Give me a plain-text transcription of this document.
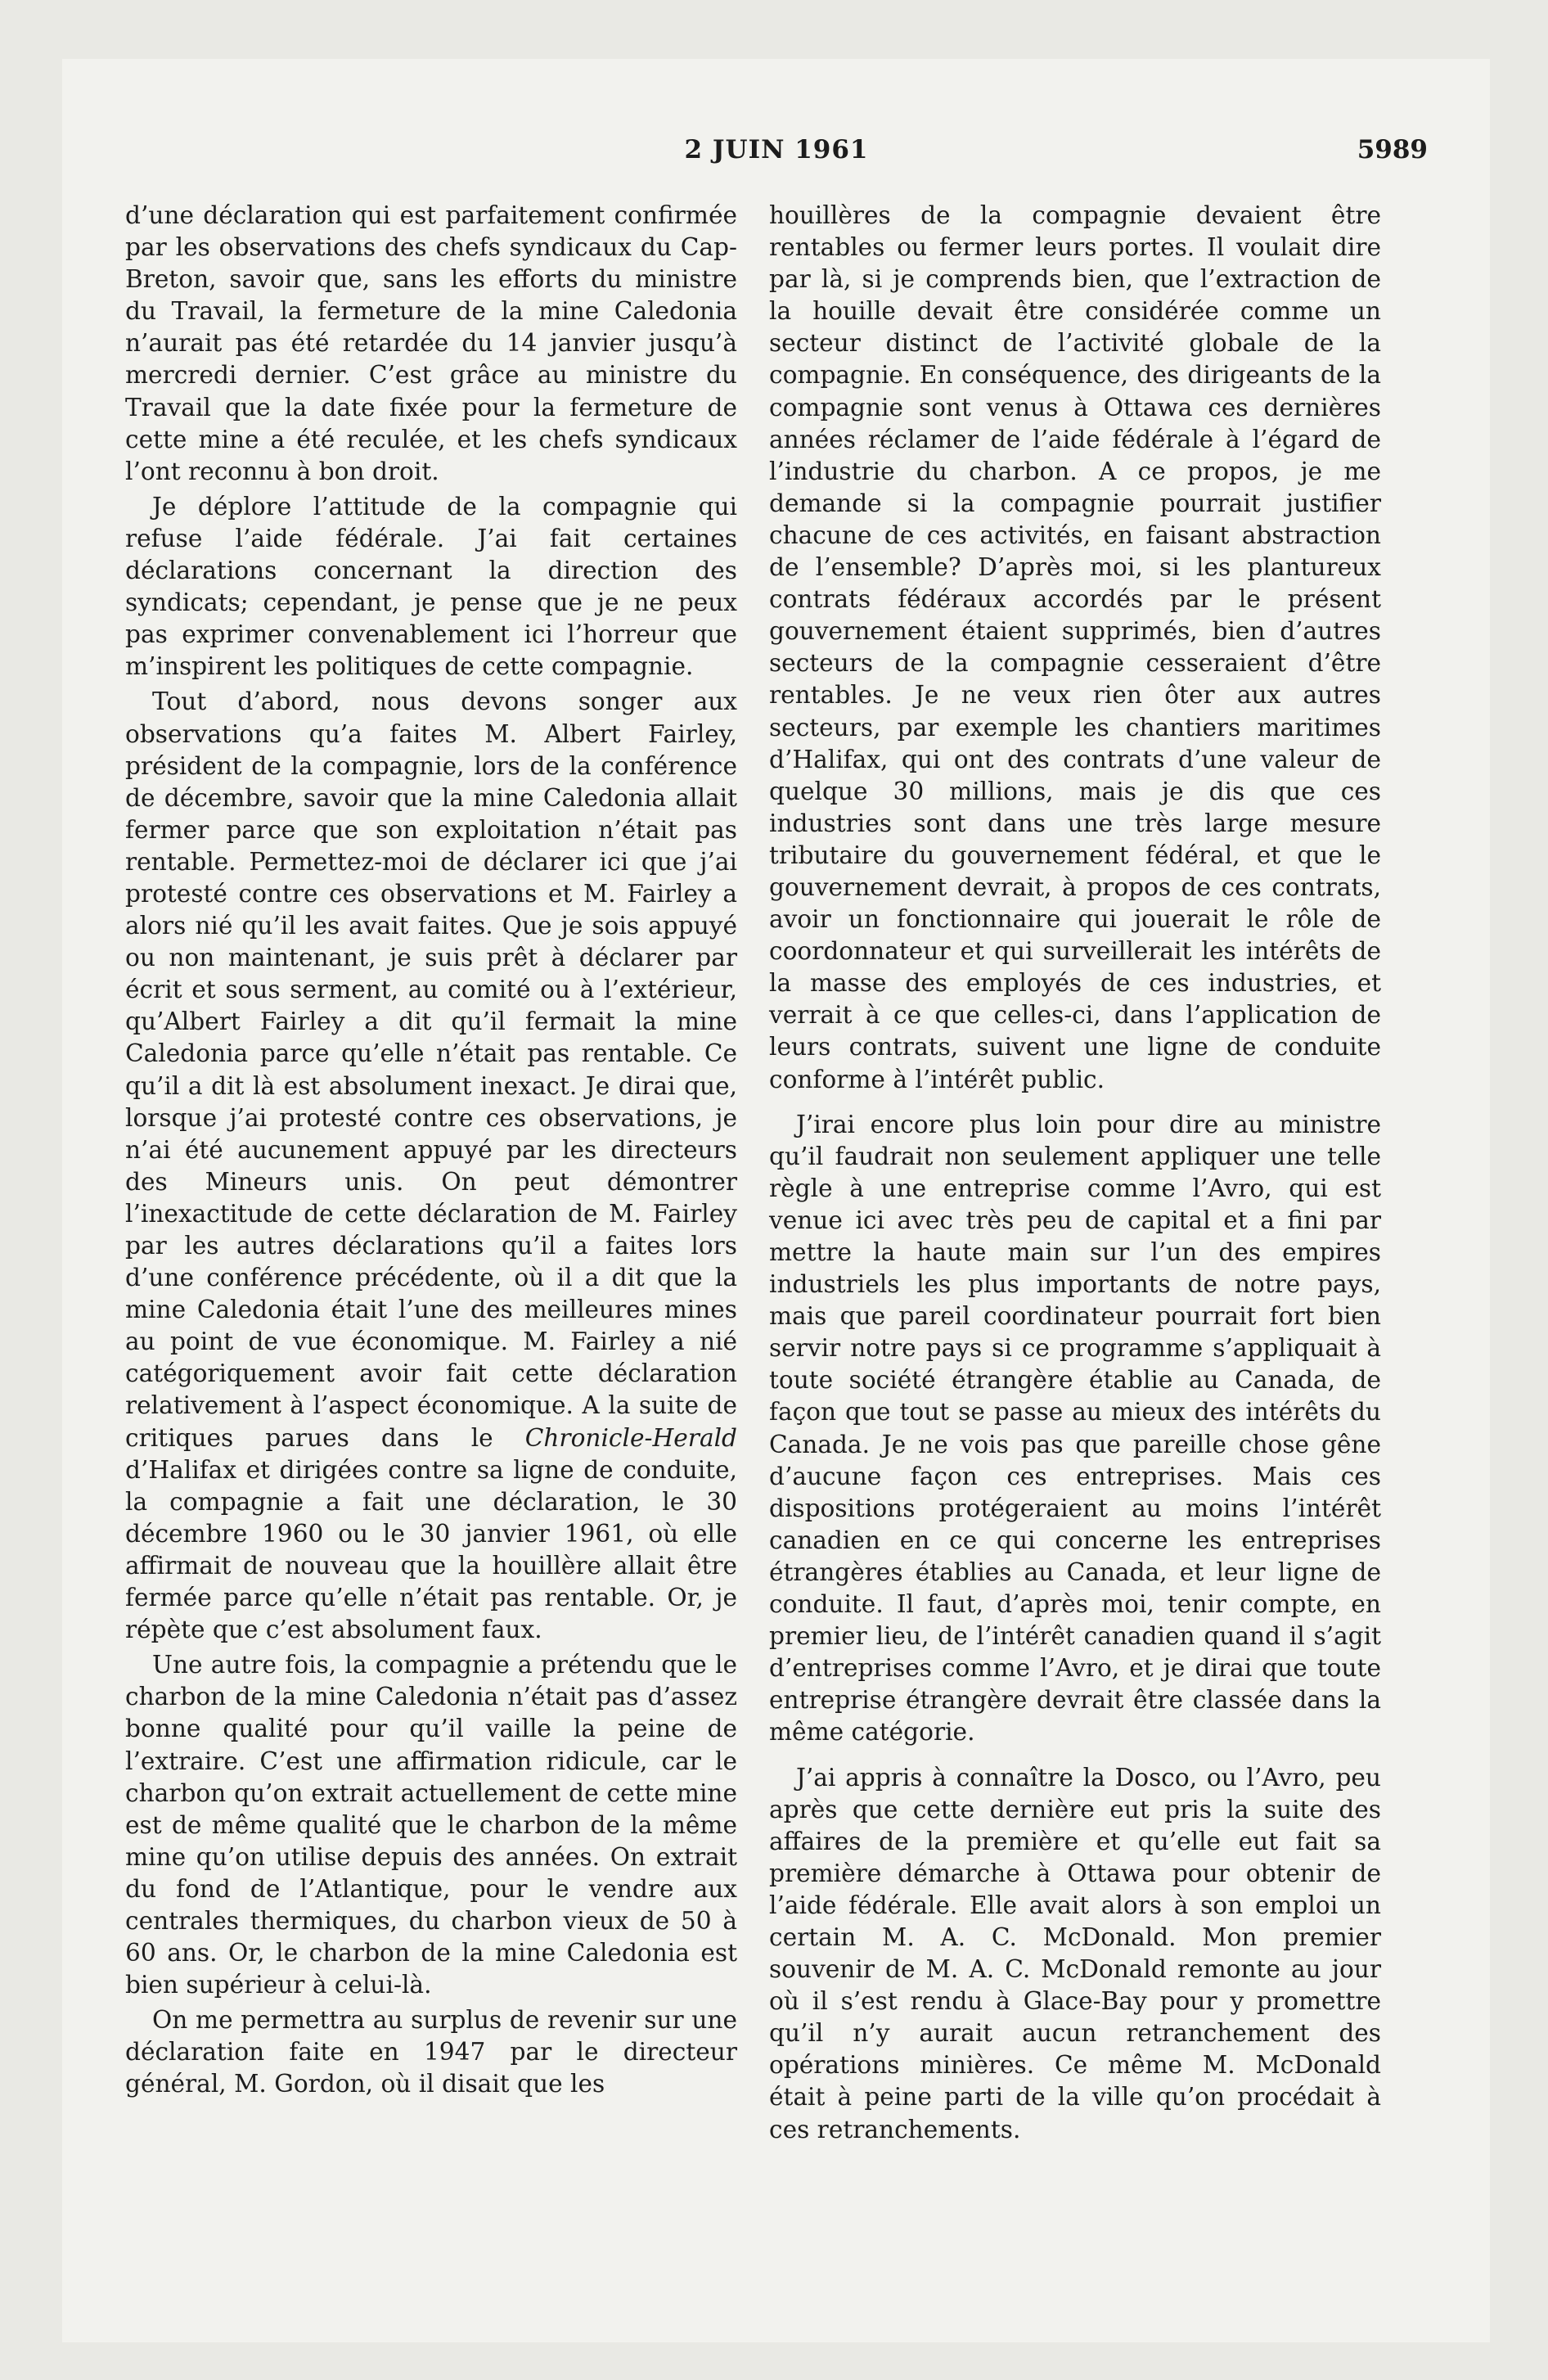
2 JUIN 1961	5989

d’une déclaration qui est parfaitement confirmée par les observations des chefs syndicaux du Cap-Breton, savoir que, sans les efforts du ministre du Travail, la fermeture de la mine Caledonia n’aurait pas été retardée du 14 janvier jusqu’à mercredi dernier. C’est grâce au ministre du Travail que la date fixée pour la fermeture de cette mine a été reculée, et les chefs syndicaux l’ont reconnu à bon droit.

Je déplore l’attitude de la compagnie qui refuse l’aide fédérale. J’ai fait certaines déclarations concernant la direction des syndicats; cependant, je pense que je ne peux pas exprimer convenablement ici l’horreur que m’inspirent les politiques de cette compagnie.

Tout d’abord, nous devons songer aux observations qu’a faites M. Albert Fairley, président de la compagnie, lors de la conférence de décembre, savoir que la mine Caledonia allait fermer parce que son exploitation n’était pas rentable. Permettez-moi de déclarer ici que j’ai protesté contre ces observations et M. Fairley a alors nié qu’il les avait faites. Que je sois appuyé ou non maintenant, je suis prêt à déclarer par écrit et sous serment, au comité ou à l’extérieur, qu’Albert Fairley a dit qu’il fermait la mine Caledonia parce qu’elle n’était pas rentable. Ce qu’il a dit là est absolument inexact. Je dirai que, lorsque j’ai protesté contre ces observations, je n’ai été aucunement appuyé par les directeurs des Mineurs unis. On peut démontrer l’inexactitude de cette déclaration de M. Fairley par les autres déclarations qu’il a faites lors d’une conférence précédente, où il a dit que la mine Caledonia était l’une des meilleures mines au point de vue économique. M. Fairley a nié catégoriquement avoir fait cette déclaration relativement à l’aspect économique. A la suite de critiques parues dans le Chronicle-Herald d’Halifax et dirigées contre sa ligne de conduite, la compagnie a fait une déclaration, le 30 décembre 1960 ou le 30 janvier 1961, où elle affirmait de nouveau que la houillère allait être fermée parce qu’elle n’était pas rentable. Or, je répète que c’est absolument faux.

Une autre fois, la compagnie a prétendu que le charbon de la mine Caledonia n’était pas d’assez bonne qualité pour qu’il vaille la peine de l’extraire. C’est une affirmation ridicule, car le charbon qu’on extrait actuellement de cette mine est de même qualité que le charbon de la même mine qu’on utilise depuis des années. On extrait du fond de l’Atlantique, pour le vendre aux centrales thermiques, du charbon vieux de 50 à 60 ans. Or, le charbon de la mine Caledonia est bien supérieur à celui-là.

On me permettra au surplus de revenir sur une déclaration faite en 1947 par le directeur général, M. Gordon, où il disait que les

houillères de la compagnie devaient être rentables ou fermer leurs portes. Il voulait dire par là, si je comprends bien, que l’extraction de la houille devait être considérée comme un secteur distinct de l’activité globale de la compagnie. En conséquence, des dirigeants de la compagnie sont venus à Ottawa ces dernières années réclamer de l’aide fédérale à l’égard de l’industrie du charbon. A ce propos, je me demande si la compagnie pourrait justifier chacune de ces activités, en faisant abstraction de l’ensemble? D’après moi, si les plantureux contrats fédéraux accordés par le présent gouvernement étaient supprimés, bien d’autres secteurs de la compagnie cesseraient d’être rentables. Je ne veux rien ôter aux autres secteurs, par exemple les chantiers maritimes d’Halifax, qui ont des contrats d’une valeur de quelque 30 millions, mais je dis que ces industries sont dans une très large mesure tributaire du gouvernement fédéral, et que le gouvernement devrait, à propos de ces contrats, avoir un fonctionnaire qui jouerait le rôle de coordonnateur et qui surveillerait les intérêts de la masse des employés de ces industries, et verrait à ce que celles-ci, dans l’application de leurs contrats, suivent une ligne de conduite conforme à l’intérêt public.

J’irai encore plus loin pour dire au ministre qu’il faudrait non seulement appliquer une telle règle à une entreprise comme l’Avro, qui est venue ici avec très peu de capital et a fini par mettre la haute main sur l’un des empires industriels les plus importants de notre pays, mais que pareil coordinateur pourrait fort bien servir notre pays si ce programme s’appliquait à toute société étrangère établie au Canada, de façon que tout se passe au mieux des intérêts du Canada. Je ne vois pas que pareille chose gêne d’aucune façon ces entreprises. Mais ces dispositions protégeraient au moins l’intérêt canadien en ce qui concerne les entreprises étrangères établies au Canada, et leur ligne de conduite. Il faut, d’après moi, tenir compte, en premier lieu, de l’intérêt canadien quand il s’agit d’entreprises comme l’Avro, et je dirai que toute entreprise étrangère devrait être classée dans la même catégorie.

J’ai appris à connaître la Dosco, ou l’Avro, peu après que cette dernière eut pris la suite des affaires de la première et qu’elle eut fait sa première démarche à Ottawa pour obtenir de l’aide fédérale. Elle avait alors à son emploi un certain M. A. C. McDonald. Mon premier souvenir de M. A. C. McDonald remonte au jour où il s’est rendu à Glace-Bay pour y promettre qu’il n’y aurait aucun retranchement des opérations minières. Ce même M. McDonald était à peine parti de la ville qu’on procédait à ces retranchements.
